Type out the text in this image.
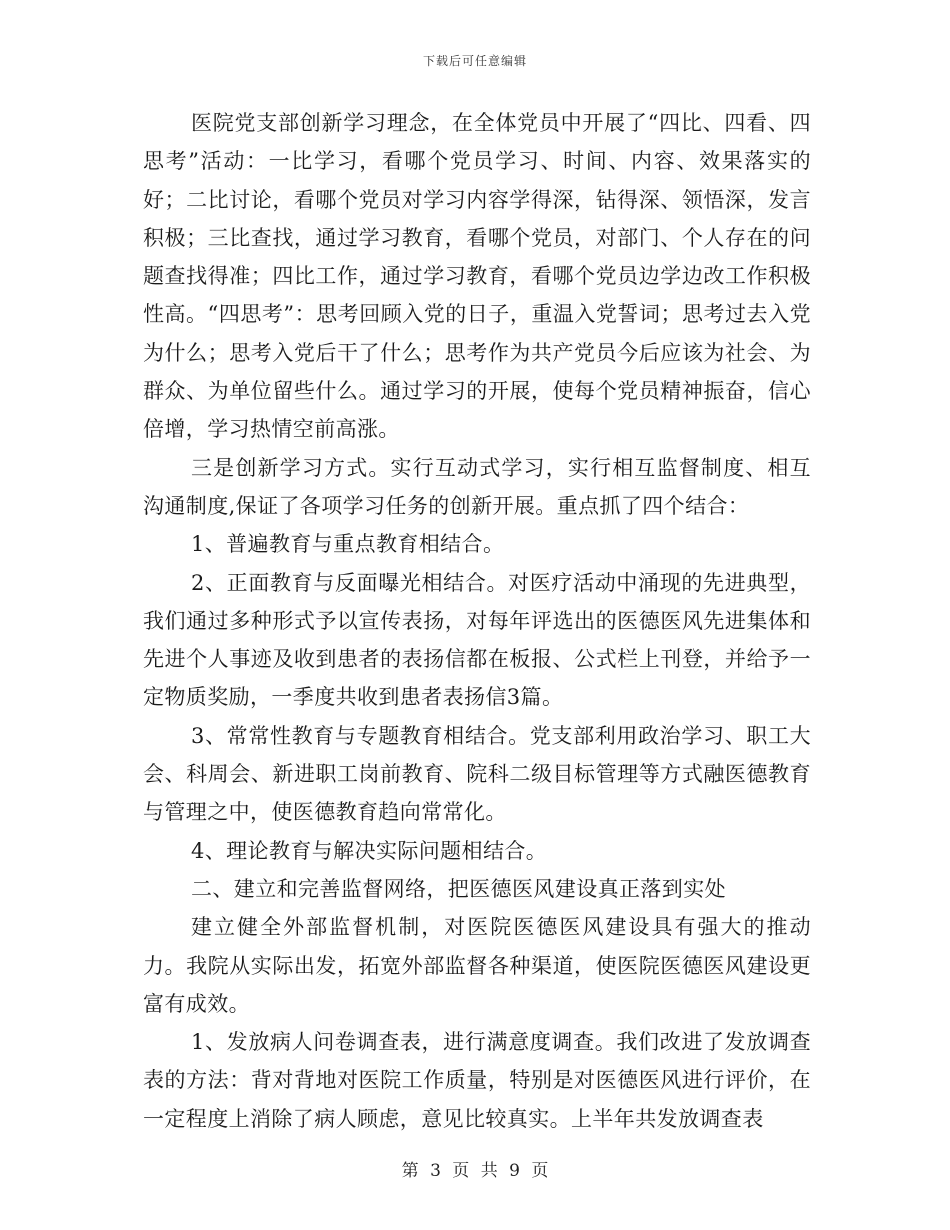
下载后可任意编辑

医院党支部创新学习理念，在全体党员中开展了“四比、四看、四思考”活动：一比学习，看哪个党员学习、时间、内容、效果落实的好；二比讨论，看哪个党员对学习内容学得深，钻得深、领悟深，发言积极；三比查找，通过学习教育，看哪个党员，对部门、个人存在的问题查找得准；四比工作，通过学习教育，看哪个党员边学边改工作积极性高。“四思考”：思考回顾入党的日子，重温入党誓词；思考过去入党为什么；思考入党后干了什么；思考作为共产党员今后应该为社会、为群众、为单位留些什么。通过学习的开展，使每个党员精神振奋，信心倍增，学习热情空前高涨。

三是创新学习方式。实行互动式学习，实行相互监督制度、相互沟通制度,保证了各项学习任务的创新开展。重点抓了四个结合：

1、普遍教育与重点教育相结合。

2、正面教育与反面曝光相结合。对医疗活动中涌现的先进典型，我们通过多种形式予以宣传表扬，对每年评选出的医德医风先进集体和先进个人事迹及收到患者的表扬信都在板报、公式栏上刊登，并给予一定物质奖励，一季度共收到患者表扬信3篇。

3、常常性教育与专题教育相结合。党支部利用政治学习、职工大会、科周会、新进职工岗前教育、院科二级目标管理等方式融医德教育与管理之中，使医德教育趋向常常化。

4、理论教育与解决实际问题相结合。

二、建立和完善监督网络，把医德医风建设真正落到实处

建立健全外部监督机制，对医院医德医风建设具有强大的推动力。我院从实际出发，拓宽外部监督各种渠道，使医院医德医风建设更富有成效。

1、发放病人问卷调查表，进行满意度调查。我们改进了发放调查表的方法：背对背地对医院工作质量，特别是对医德医风进行评价，在一定程度上消除了病人顾虑，意见比较真实。上半年共发放调查表

第 3 页 共 9 页
